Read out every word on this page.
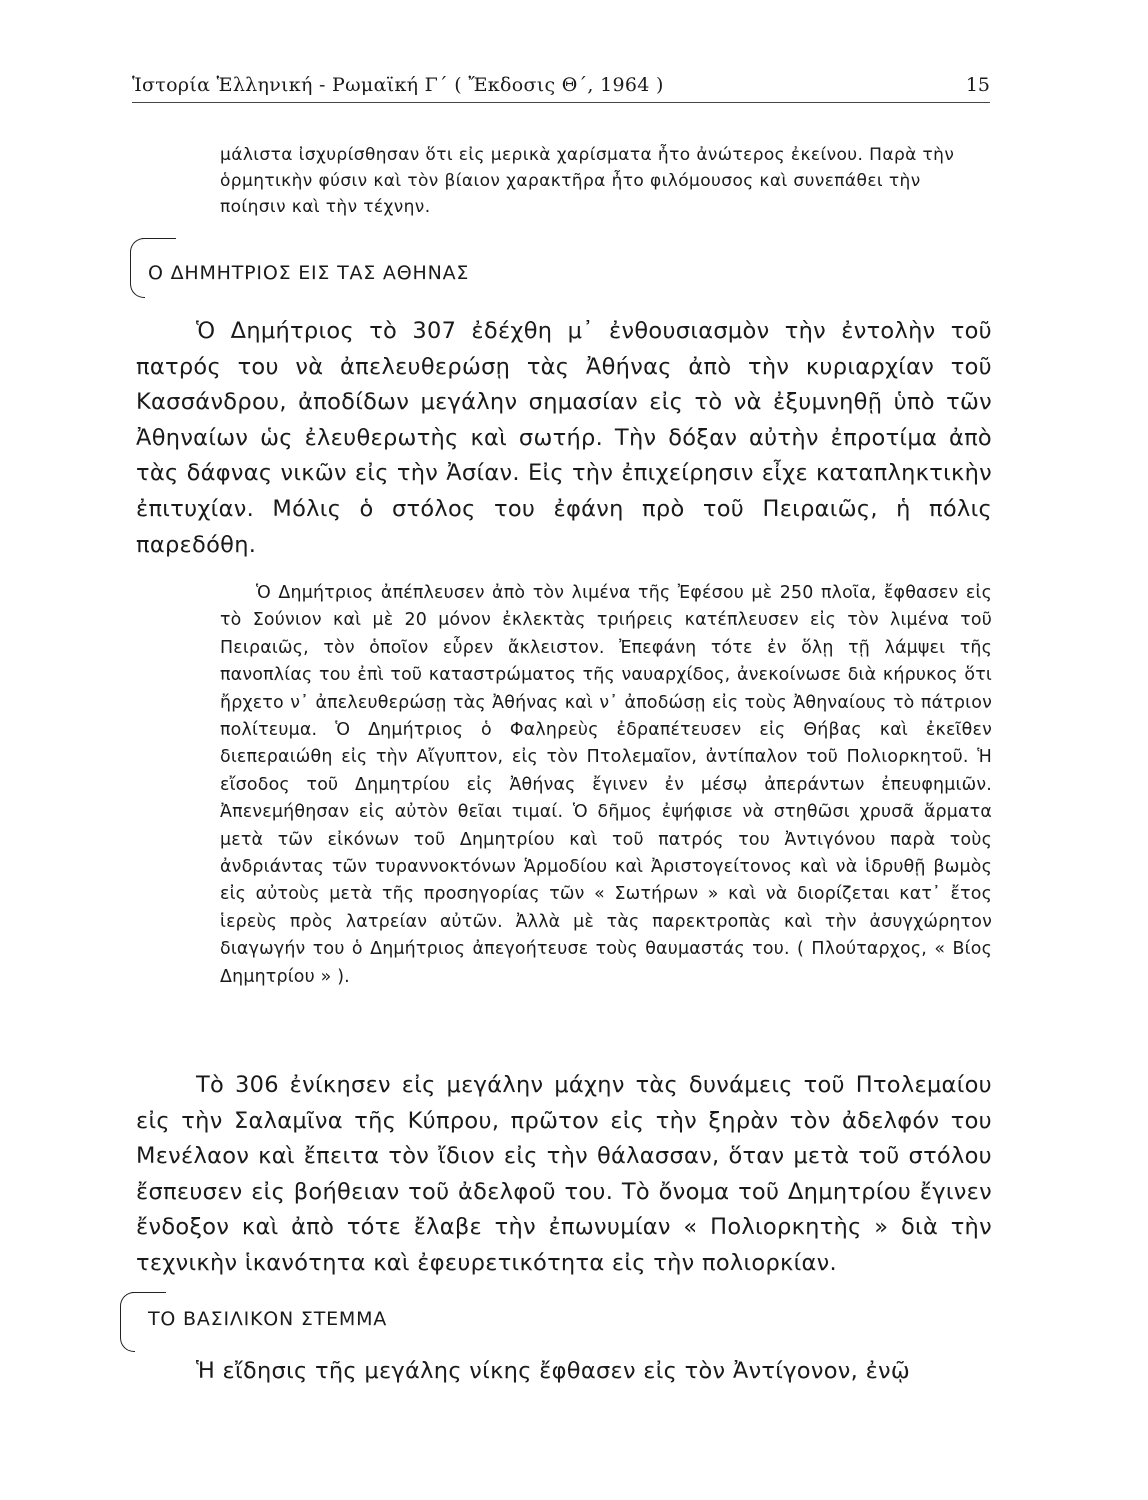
Ἱστορία Ἑλληνική - Ρωμαϊκή Γ΄ ( Ἔκδοσις Θ΄, 1964 )	15

μάλιστα ἰσχυρίσθησαν ὅτι εἰς μερικὰ χαρίσματα ἦτο ἀνώτερος ἐκείνου. Παρὰ τὴν ὁρμητικὴν φύσιν καὶ τὸν βίαιον χαρακτῆρα ἦτο φιλόμουσος καὶ συνεπάθει τὴν ποίησιν καὶ τὴν τέχνην.

Ο ΔΗΜΗΤΡΙΟΣ ΕΙΣ ΤΑΣ ΑΘΗΝΑΣ

Ὁ Δημήτριος τὸ 307 ἐδέχθη μ᾽ ἐνθουσιασμὸν τὴν ἐντολὴν τοῦ πατρός του νὰ ἀπελευθερώσῃ τὰς Ἀθήνας ἀπὸ τὴν κυριαρχίαν τοῦ Κασσάνδρου, ἀποδίδων μεγάλην σημασίαν εἰς τὸ νὰ ἐξυμνηθῇ ὑπὸ τῶν Ἀθηναίων ὡς ἐλευθερωτὴς καὶ σωτήρ. Τὴν δόξαν αὐτὴν ἐπροτίμα ἀπὸ τὰς δάφνας νικῶν εἰς τὴν Ἀσίαν. Εἰς τὴν ἐπιχείρησιν εἶχε καταπληκτικὴν ἐπιτυχίαν. Μόλις ὁ στόλος του ἐφάνη πρὸ τοῦ Πειραιῶς, ἡ πόλις παρεδόθη.

Ὁ Δημήτριος ἀπέπλευσεν ἀπὸ τὸν λιμένα τῆς Ἐφέσου μὲ 250 πλοῖα, ἔφθασεν εἰς τὸ Σούνιον καὶ μὲ 20 μόνον ἐκλεκτὰς τριήρεις κατέπλευσεν εἰς τὸν λιμένα τοῦ Πειραιῶς, τὸν ὁποῖον εὗρεν ἄκλειστον. Ἐπεφάνη τότε ἐν ὅλῃ τῇ λάμψει τῆς πανοπλίας του ἐπὶ τοῦ καταστρώματος τῆς ναυαρχίδος, ἀνεκοίνωσε διὰ κήρυκος ὅτι ἤρχετο ν᾽ ἀπελευθερώσῃ τὰς Ἀθήνας καὶ ν᾽ ἀποδώσῃ εἰς τοὺς Ἀθηναίους τὸ πάτριον πολίτευμα. Ὁ Δημήτριος ὁ Φαληρεὺς ἐδραπέτευσεν εἰς Θήβας καὶ ἐκεῖθεν διεπεραιώθη εἰς τὴν Αἴγυπτον, εἰς τὸν Πτολεμαῖον, ἀντίπαλον τοῦ Πολιορκητοῦ. Ἡ εἴσοδος τοῦ Δημητρίου εἰς Ἀθήνας ἔγινεν ἐν μέσῳ ἀπεράντων ἐπευφημιῶν. Ἀπενεμήθησαν εἰς αὐτὸν θεῖαι τιμαί. Ὁ δῆμος ἐψήφισε νὰ στηθῶσι χρυσᾶ ἅρματα μετὰ τῶν εἰκόνων τοῦ Δημητρίου καὶ τοῦ πατρός του Ἀντιγόνου παρὰ τοὺς ἀνδριάντας τῶν τυραννοκτόνων Ἁρμοδίου καὶ Ἀριστογείτονος καὶ νὰ ἱδρυθῇ βωμὸς εἰς αὐτοὺς μετὰ τῆς προσηγορίας τῶν « Σωτήρων » καὶ νὰ διορίζεται κατ᾽ ἔτος ἱερεὺς πρὸς λατρείαν αὐτῶν. Ἀλλὰ μὲ τὰς παρεκτροπὰς καὶ τὴν ἀσυγχώρητον διαγωγήν του ὁ Δημήτριος ἀπεγοήτευσε τοὺς θαυμαστάς του. ( Πλούταρχος, « Βίος Δημητρίου » ).

Τὸ 306 ἐνίκησεν εἰς μεγάλην μάχην τὰς δυνάμεις τοῦ Πτολεμαίου εἰς τὴν Σαλαμῖνα τῆς Κύπρου, πρῶτον εἰς τὴν ξηρὰν τὸν ἀδελφόν του Μενέλαον καὶ ἔπειτα τὸν ἴδιον εἰς τὴν θάλασσαν, ὅταν μετὰ τοῦ στόλου ἔσπευσεν εἰς βοήθειαν τοῦ ἀδελφοῦ του. Τὸ ὄνομα τοῦ Δημητρίου ἔγινεν ἔνδοξον καὶ ἀπὸ τότε ἔλαβε τὴν ἐπωνυμίαν « Πολιορκητὴς » διὰ τὴν τεχνικὴν ἱκανότητα καὶ ἐφευρετικότητα εἰς τὴν πολιορκίαν.

ΤΟ ΒΑΣΙΛΙΚΟΝ ΣΤΕΜΜΑ

Ἡ εἴδησις τῆς μεγάλης νίκης ἔφθασεν εἰς τὸν Ἀντίγονον, ἐνῷ
